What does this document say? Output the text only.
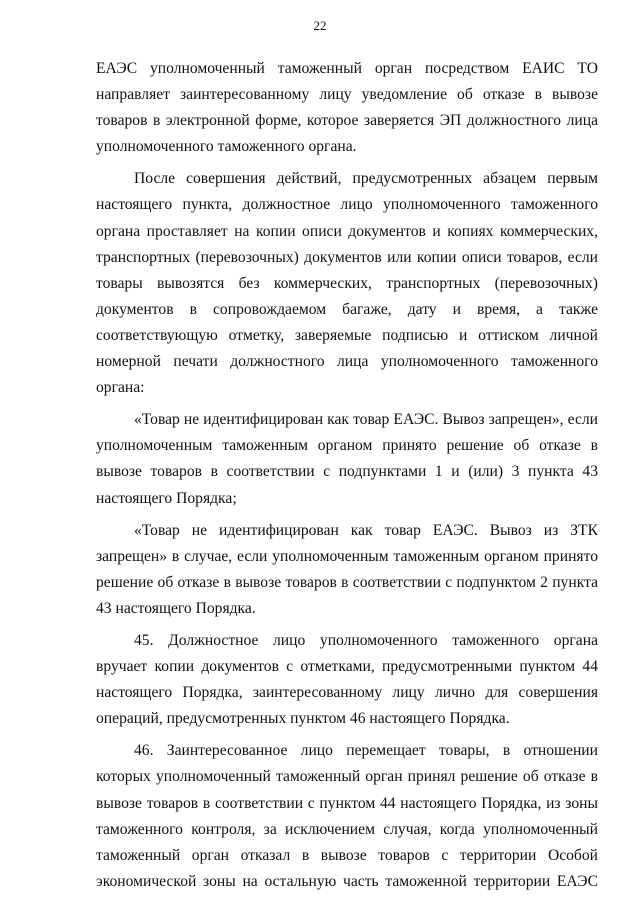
22

ЕАЭС уполномоченный таможенный орган посредством ЕАИС ТО направляет заинтересованному лицу уведомление об отказе в вывозе товаров в электронной форме, которое заверяется ЭП должностного лица уполномоченного таможенного органа.

После совершения действий, предусмотренных абзацем первым настоящего пункта, должностное лицо уполномоченного таможенного органа проставляет на копии описи документов и копиях коммерческих, транспортных (перевозочных) документов или копии описи товаров, если товары вывозятся без коммерческих, транспортных (перевозочных) документов в сопровождаемом багаже, дату и время, а также соответствующую отметку, заверяемые подписью и оттиском личной номерной печати должностного лица уполномоченного таможенного органа:

«Товар не идентифицирован как товар ЕАЭС. Вывоз запрещен», если уполномоченным таможенным органом принято решение об отказе в вывозе товаров в соответствии с подпунктами 1 и (или) 3 пункта 43 настоящего Порядка;

«Товар не идентифицирован как товар ЕАЭС. Вывоз из ЗТК запрещен» в случае, если уполномоченным таможенным органом принято решение об отказе в вывозе товаров в соответствии с подпунктом 2 пункта 43 настоящего Порядка.

45. Должностное лицо уполномоченного таможенного органа вручает копии документов с отметками, предусмотренными пунктом 44 настоящего Порядка, заинтересованному лицу лично для совершения операций, предусмотренных пунктом 46 настоящего Порядка.

46. Заинтересованное лицо перемещает товары, в отношении которых уполномоченный таможенный орган принял решение об отказе в вывозе товаров в соответствии с пунктом 44 настоящего Порядка, из зоны таможенного контроля, за исключением случая, когда уполномоченный таможенный орган отказал в вывозе товаров с территории Особой экономической зоны на остальную часть таможенной территории ЕАЭС
